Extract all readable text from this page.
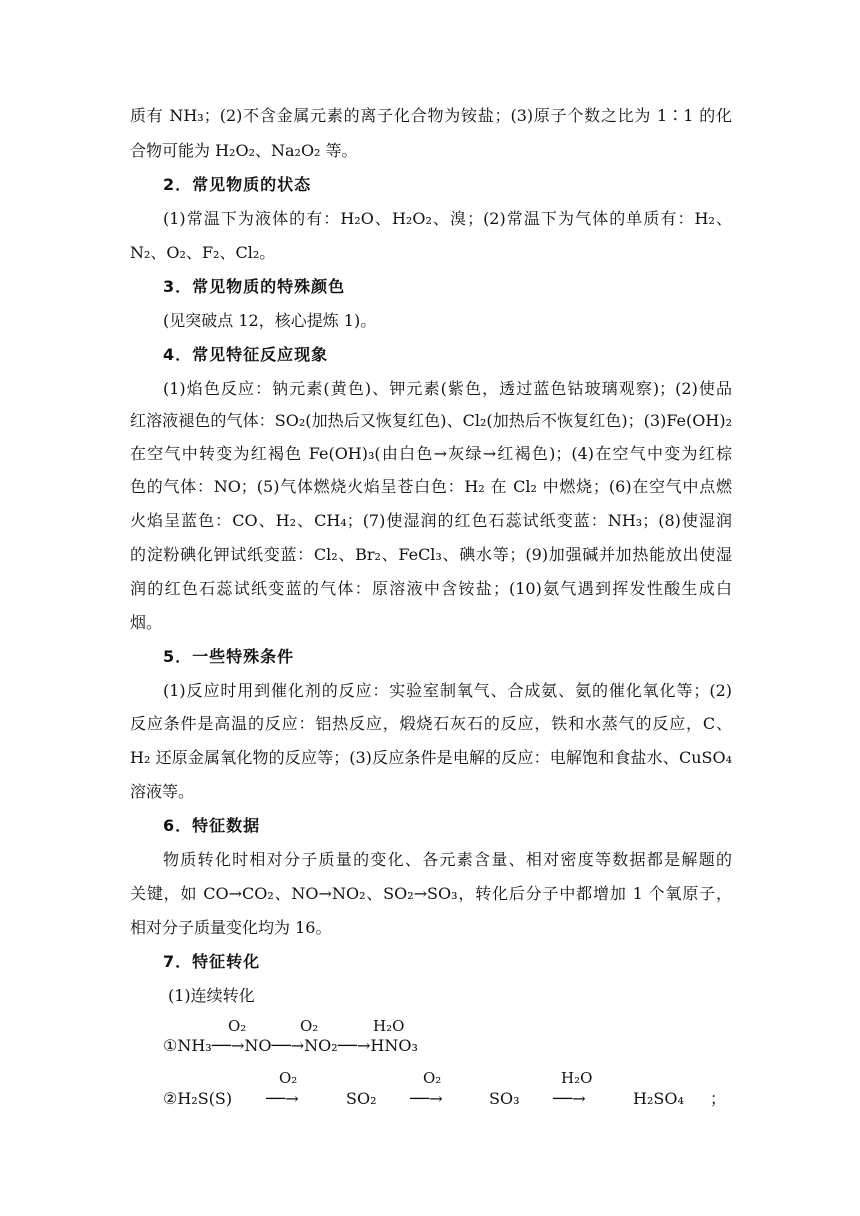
质有 NH₃；(2)不含金属元素的离子化合物为铵盐；(3)原子个数之比为 1∶1 的化
合物可能为 H₂O₂、Na₂O₂ 等。
2．常见物质的状态
(1)常温下为液体的有：H₂O、H₂O₂、溴；(2)常温下为气体的单质有：H₂、
N₂、O₂、F₂、Cl₂。
3．常见物质的特殊颜色
(见突破点 12，核心提炼 1)。
4．常见特征反应现象
(1)焰色反应：钠元素(黄色)、钾元素(紫色，透过蓝色钴玻璃观察)；(2)使品
红溶液褪色的气体：SO₂(加热后又恢复红色)、Cl₂(加热后不恢复红色)；(3)Fe(OH)₂
在空气中转变为红褐色 Fe(OH)₃(由白色→灰绿→红褐色)；(4)在空气中变为红棕
色的气体：NO；(5)气体燃烧火焰呈苍白色：H₂ 在 Cl₂ 中燃烧；(6)在空气中点燃
火焰呈蓝色：CO、H₂、CH₄；(7)使湿润的红色石蕊试纸变蓝：NH₃；(8)使湿润
的淀粉碘化钾试纸变蓝：Cl₂、Br₂、FeCl₃、碘水等；(9)加强碱并加热能放出使湿
润的红色石蕊试纸变蓝的气体：原溶液中含铵盐；(10)氨气遇到挥发性酸生成白
烟。
5．一些特殊条件
(1)反应时用到催化剂的反应：实验室制氧气、合成氨、氨的催化氧化等；(2)
反应条件是高温的反应：铝热反应，煅烧石灰石的反应，铁和水蒸气的反应，C、
H₂ 还原金属氧化物的反应等；(3)反应条件是电解的反应：电解饱和食盐水、CuSO₄
溶液等。
6．特征数据
物质转化时相对分子质量的变化、各元素含量、相对密度等数据都是解题的
关键，如 CO→CO₂、NO→NO₂、SO₂→SO₃，转化后分子中都增加 1 个氧原子，
相对分子质量变化均为 16。
7．特征转化
(1)连续转化
O₂	O₂	H₂O
①NH₃──→NO──→NO₂──→HNO₃
O₂	O₂	H₂O
②H₂S(S) ──→	SO₂ ──→	SO₃ ──→	H₂SO₄ ；
